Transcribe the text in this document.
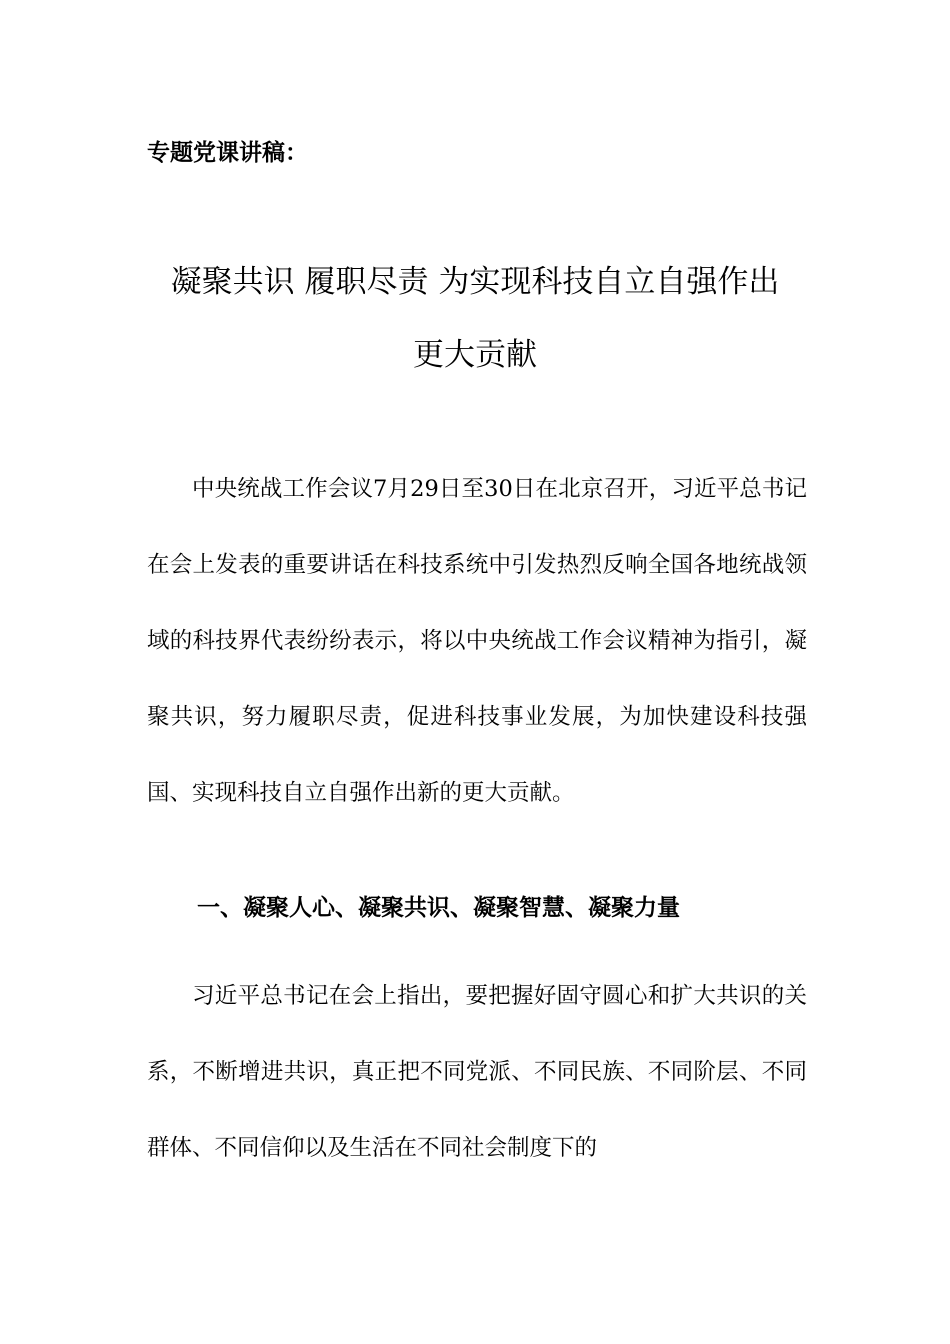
专题党课讲稿：
凝聚共识 履职尽责 为实现科技自立自强作出
更大贡献
中央统战工作会议7月29日至30日在北京召开，习近平总书记在会上发表的重要讲话在科技系统中引发热烈反响全国各地统战领域的科技界代表纷纷表示，将以中央统战工作会议精神为指引，凝聚共识，努力履职尽责，促进科技事业发展，为加快建设科技强国、实现科技自立自强作出新的更大贡献。
一、凝聚人心、凝聚共识、凝聚智慧、凝聚力量
习近平总书记在会上指出，要把握好固守圆心和扩大共识的关系，不断增进共识，真正把不同党派、不同民族、不同阶层、不同群体、不同信仰以及生活在不同社会制度下的
